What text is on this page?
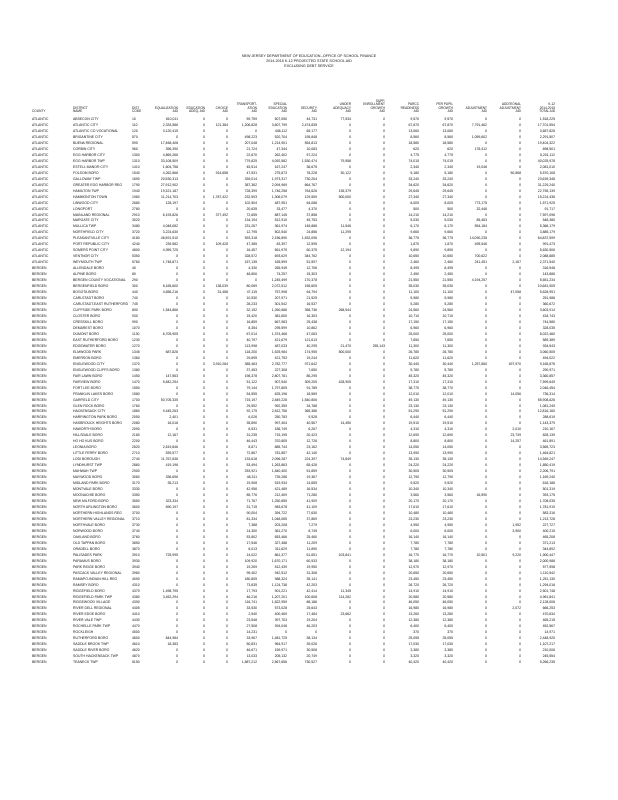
NEW JERSEY DEPARTMENT OF EDUCATION--OFFICE OF SCHOOL FINANCE
2014-2015 K-12 PROJECTED STATE SCHOOL AID
EXCLUDING DEBT SERVICE
COUNTY
DISTRICT
NAME
DIST
CODE
EQUALIZATION
AID
EDUCATION
ADEQ. AID
CHOICE
AID
TRANSPORT-
ATION
AID
SPECIAL
EDUCATION
AID
SECURITY
AID
UNDER
ADEQUACY
AID
SUPP.
ENROLLMENT
GROWTH
AID
PARCC
READINESS
AID
PER PUPIL
GROWTH
AID
ADJUSTMENT
AID
ADDITIONAL
ADJUSTMENT
AID
K-12
2014-2015
TOTAL AID
ATLANTIC	ABSECON CITY	10	810,011	0	0	59,759	507,050	44,731	77,534	0	9,570	9,570	0	0	1,518,225
ATLANTIC	ATLANTIC CITY	110	2,333,586	0	121,384	1,206,828	3,607,799	2,474,835	0	0	67,870	67,870	7,791,462	0	17,701,554
ATLANTIC	ATLANTIC CO VOCATIONAL	120	3,120,415	0	0	0	448,112	65,177	0	0	13,060	13,060	0	0	3,657,826
ATLANTIC	BRIGANTINE CITY	570	0	0	0	498,223	520,704	195,848	0	0	8,560	8,560	1,059,602	0	2,291,507
ATLANTIC	BUENA REGIONAL	590	17,468,408	0	0	207,048	1,214,901	554,813	0	0	18,580	18,580	0	0	19,404,322
ATLANTIC	CORBIN CITY	960	396,390	0	0	21,724	47,344	10,083	0	0	620	620	178,412	0	698,501
ATLANTIC	EGG HARBOR CITY	1300	4,869,266	0	0	22,670	262,402	57,224	0	0	4,775	4,775	0	0	5,201,112
ATLANTIC	EGG HARBOR TWP	1310	33,108,509	0	0	779,825	4,092,582	1,530,474	79,558	0	74,015	74,015	0	0	40,025,978
ATLANTIC	ESTELL MANOR CITY	1410	1,604,758	0	0	45,514	167,247	36,675	0	0	2,340	2,340	19,046	0	2,081,010
ATLANTIC	FOLSOM BORO	1540	4,262,868	0	914,658	47,531	275,873	78,228	30,122	0	5,180	5,180	0	50,568	5,570,108
ATLANTIC	GALLOWAY TWP	1690	20,530,313	0	0	339,014	1,973,317	730,204	0	0	33,240	33,240	0	0	23,639,348
ATLANTIC	GREATER EGG HARBOR REG	1790	27,912,902	0	0	387,362	2,094,969	664,767	0	0	34,620	34,620	0	0	31,229,240
ATLANTIC	HAMILTON TWP	1940	19,321,187	0	0	728,399	1,746,258	764,626	135,379	0	29,645	29,645	0	0	22,755,139
ATLANTIC	HAMMONTON TOWN	1960	11,214,703	0	1,787,422	232,593	1,306,079	129,559	500,000	0	27,340	27,340	0	0	15,224,436
ATLANTIC	LINWOOD CITY	2680	128,197	0	0	102,504	487,951	64,088	0	0	8,005	8,005	773,175	0	1,571,925
ATLANTIC	LONGPORT	2780	0	0	0	20,635	33,477	4,370	0	0	500	500	32,446	0	91,717
ATLANTIC	MAINLAND REGIONAL	2910	6,193,826	0	377,492	72,655	887,145	37,858	0	0	14,210	14,210	0	0	7,597,096
ATLANTIC	MARGATE CITY	3020	0	0	0	134,194	512,910	45,753	0	0	5,030	5,030	85,463	0	548,380
ATLANTIC	MULLICA TWP	3480	4,048,082	0	0	231,267	361,974	145,886	11,546	0	6,170	6,170	554,184	0	5,366,179
ATLANTIC	NORTHFIELD CITY	3720	3,224,630	0	0	12,795	502,540	24,856	11,295	0	9,660	9,660	0	0	3,885,179
ATLANTIC	PLEASANTVILLE CITY	4180	46,591,510	0	0	593,318	2,156,890	1,532,096	0	0	36,775	36,775	14,090,235	0	64,837,599
ATLANTIC	PORT REPUBLIC CITY	4240	239,582	0	109,428	47,385	83,397	12,595	0	0	1,870	1,870	495,546	0	991,473
ATLANTIC	SOMERS POINT CITY	4800	4,959,725	0	0	16,457	561,975	60,375	12,194	0	9,890	9,890	0	0	5,630,506
ATLANTIC	VENTNOR CITY	5350	0	0	0	328,572	693,629	344,762	0	0	10,650	10,650	700,622	0	2,088,885
ATLANTIC	WEYMOUTH TWP	5760	1,748,871	0	0	157,135	165,599	51,597	0	0	2,460	2,460	241,451	2,167	2,371,540
BERGEN	ALLENDALE BORO	40	0	0	0	4,330	265,945	12,706	0	0	8,495	8,495	0	0	316,548
BERGEN	ALPINE BORO	80	0	0	0	48,806	74,257	15,303	0	0	2,450	2,450	0	0	143,886
BERGEN	BERGEN COUNTY VOCATIONAL	290	0	0	0	0	1,245,499	170,378	0	0	21,550	21,550	4,194,257	0	5,651,234
BERGEN	BERGENFIELD BORO	300	8,165,600	0	138,039	80,089	2,072,512	155,605	0	0	35,030	35,030	0	0	10,681,905
BERGEN	BOGOTA BORO	440	4,656,216	0	31,458	47,115	757,998	64,794	0	0	11,100	11,100	0	47,058	5,628,951
BERGEN	CARLSTADT BORO	740	0	0	0	10,530	207,971	21,525	0	0	5,980	5,980	0	0	251,986
BERGEN	CARLSTADT-EAST RUTHERFORD	745	0	0	0	28,233	301,542	16,537	0	0	5,280	5,280	0	0	360,672
BERGEN	CLIFFSIDE PARK BORO	890	1,544,866	0	0	32,152	1,260,686	358,736	268,544	0	24,560	24,560	0	0	3,603,914
BERGEN	CLOSTER BORO	930	0	0	0	15,420	381,600	16,303	0	0	10,710	10,710	0	0	434,743
BERGEN	CRESSKILL BORO	990	0	0	0	16,859	667,983	25,438	0	0	17,150	17,150	0	0	744,580
BERGEN	DEMAREST BORO	1070	0	0	0	8,354	295,599	10,862	0	0	6,960	6,960	0	0	328,035
BERGEN	DUMONT BORO	1130	6,705,905	0	0	67,014	1,374,468	47,063	0	0	25,000	25,000	0	0	8,022,460
BERGEN	EAST RUTHERFORD BORO	1230	0	0	0	40,797	421,679	121,613	0	0	7,650	7,650	0	0	589,389
BERGEN	EDGEWATER BORO	1270	0	0	0	113,998	487,033	40,295	21,470	255,143	11,300	11,300	0	0	934,543
BERGEN	ELMWOOD PARK	1345	687,826	0	0	118,200	1,525,984	174,955	500,000	0	26,780	26,780	0	0	3,060,505
BERGEN	EMERSON BORO	1360	0	0	0	29,895	421,753	19,244	0	0	11,620	11,620	0	0	494,022
BERGEN	ENGLEWOOD CITY	1370	0	0	3,910,284	385,463	2,782,777	971,642	0	0	30,440	30,440	1,257,860	497,970	9,165,876
BERGEN	ENGLEWOOD CLIFFS BORO	1380	0	0	0	37,453	227,308	7,650	0	0	5,780	5,780	0	0	290,971
BERGEN	FAIR LAWN BORO	1450	147,563	0	0	198,378	2,807,781	86,295	0	0	45,320	45,320	0	0	3,360,857
BERGEN	FAIRVIEW BORO	1470	5,842,254	0	0	51,122	907,540	309,205	428,905	0	17,310	17,310	0	0	7,599,649
BERGEN	FORT LEE BORO	1550	0	0	0	79,144	1,797,805	91,785	0	0	38,770	38,770	0	0	2,046,454
BERGEN	FRANKLIN LAKES BORO	1580	0	0	0	54,555	625,196	18,589	0	0	12,010	12,010	0	14,056	736,314
BERGEN	GARFIELD CITY	1700	50,705,335	0	0	715,197	2,849,228	1,540,806	0	0	49,130	49,130	0	0	55,908,626
BERGEN	GLEN ROCK BORO	1760	0	0	0	29,552	992,359	34,788	0	0	23,130	23,130	0	0	1,081,249
BERGEN	HACKENSACK CITY	1860	9,445,263	0	0	92,175	2,812,756	365,386	0	0	51,290	51,290	0	0	12,816,160
BERGEN	HARRINGTON PARK BORO	2050	2,401	0	0	6,026	250,783	9,528	0	0	6,440	6,440	0	0	288,619
BERGEN	HASBROUCK HEIGHTS BORO	2080	16,018	0	0	35,890	997,404	40,567	14,450	0	19,510	19,510	0	0	1,143,379
BERGEN	HAWORTH BORO	2090	0	0	0	6,531	186,749	6,267	0	0	4,310	4,310	0	2,010	210,167
BERGEN	HILLSDALE BORO	2180	12,167	0	0	31,235	715,195	20,423	0	0	12,690	12,690	0	23,739	828,139
BERGEN	HO HO KUS BORO	2200	0	0	0	46,443	370,805	12,726	0	0	8,800	8,800	0	14,257	461,891
BERGEN	LEONIA BORO	2620	2,619,846	0	0	8,871	885,744	23,162	0	0	14,050	14,050	0	0	3,565,723
BERGEN	LITTLE FERRY BORO	2710	539,577	0	0	72,867	781,857	42,140	0	0	13,990	13,990	0	0	1,464,821
BERGEN	LODI BOROUGH	2740	11,767,636	0	0	133,618	2,096,287	224,397	74,849	0	35,130	35,130	0	0	14,369,247
BERGEN	LYNDHURST TWP	2860	419,196	0	0	53,494	1,263,863	65,426	0	0	24,220	24,220	0	0	1,850,419
BERGEN	MAHWAH TWP	2900	0	0	0	253,921	1,840,400	51,859	0	0	30,505	30,505	0	0	2,206,791
BERGEN	MAYWOOD BORO	3060	336,696	0	0	48,311	739,286	19,367	0	0	12,790	12,790	0	0	1,169,240
BERGEN	MIDLAND PARK BORO	3170	35,213	0	0	19,908	519,934	14,655	0	0	9,520	9,520	0	0	618,186
BERGEN	MONTVALE BORO	3330	0	0	0	42,956	421,489	16,534	0	0	10,340	10,340	0	0	501,319
BERGEN	MOONACHIE BORO	3350	0	0	0	85,776	212,409	71,280	0	0	3,560	3,560	16,590	0	393,175
BERGEN	NEW MILFORD BORO	3550	323,334	0	0	71,767	1,250,855	41,909	0	0	20,170	20,170	0	0	1,708,035
BERGEN	NORTH ARLINGTON BORO	3600	690,197	0	0	31,715	983,678	41,109	0	0	17,610	17,610	0	0	1,781,919
BERGEN	NORTHERN HIGHLANDS REG	3700	0	0	0	90,004	394,722	77,630	0	0	10,480	10,480	0	0	583,316
BERGEN	NORTHERN VALLEY REGIONAL	3710	0	0	0	81,334	1,048,065	37,869	0	0	23,230	23,230	0	0	1,213,728
BERGEN	NORTHVALE BORO	3730	0	0	0	7,388	203,208	7,279	0	0	4,950	4,950	0	1,952	227,727
BERGEN	NORWOOD BORO	3740	0	0	0	14,300	361,270	8,745	0	0	6,000	6,000	0	3,900	400,215
BERGEN	OAKLAND BORO	3760	0	0	0	53,802	653,466	25,460	0	0	16,140	16,140	0	0	465,208
BERGEN	OLD TAPPAN BORO	3850	0	0	0	17,546	327,488	11,209	0	0	7,780	7,780	0	0	371,213
BERGEN	ORADELL BORO	3870	0	0	0	6,013	311,629	11,890	0	0	7,780	7,780	0	0	344,892
BERGEN	PALISADES PARK	3910	725,995	0	0	14,022	861,377	61,651	103,841	0	16,770	16,770	10,501	9,220	1,900,447
BERGEN	PARAMUS BORO	3930	0	0	0	109,920	1,670,171	60,533	0	0	38,180	38,180	0	0	2,000,986
BERGEN	PARK RIDGE BORO	3940	0	0	0	19,269	512,439	19,950	0	0	12,970	12,970	0	0	577,598
BERGEN	PASCACK VALLEY REGIONAL	3960	0	0	0	95,402	942,512	31,308	0	0	20,650	20,650	0	0	1,110,542
BERGEN	RAMAPO-INDIAN HILL REG	4090	0	0	0	180,805	988,324	35,141	0	0	23,450	23,450	0	0	1,251,130
BERGEN	RAMSEY BORO	4310	0	0	0	73,635	1,124,738	42,203	0	0	26,720	26,720	0	0	1,294,016
BERGEN	RIDGEFIELD BORO	4370	1,498,795	0	0	17,793	901,221	42,414	11,345	0	14,910	14,910	0	0	2,501,748
BERGEN	RIDGEFIELD PARK TWP	4380	3,452,294	0	0	46,216	1,207,201	100,608	114,282	0	20,580	20,580	0	0	4,961,841
BERGEN	RIDGEWOOD VILLAGE	4390	0	0	0	116,741	1,822,959	86,186	0	0	46,050	46,050	0	0	2,128,006
BERGEN	RIVER DELL REGIONAL	4405	0	0	0	33,530	573,028	25,643	0	0	16,980	16,980	0	2,072	666,253
BERGEN	RIVER EDGE BORO	4410	0	0	0	2,540	400,469	17,484	23,662	0	13,260	13,260	0	0	470,634
BERGEN	RIVER VALE TWP	4430	0	0	0	23,548	397,703	19,204	0	0	12,380	12,380	0	0	465,215
BERGEN	ROCHELLE PARK TWP	4470	0	0	0	27,508	394,046	46,203	0	0	6,400	6,400	0	0	452,567
BERGEN	ROCKLEIGH	4500	0	0	0	14,231	0	0	0	0	370	370	0	0	14,971
BERGEN	RUTHERFORD BORO	4600	844,984	0	0	33,967	1,481,725	38,134	0	0	25,055	25,055	0	0	2,448,920
BERGEN	SADDLE BROOK TWP	4610	18,383	0	0	50,831	964,917	39,026	0	0	17,030	17,030	0	0	1,107,217
BERGEN	SADDLE RIVER BORO	4620	0	0	0	46,671	159,971	30,508	0	0	3,380	3,380	0	0	210,006
BERGEN	SOUTH HACKENSACK TWP	4870	0	0	0	13,033	205,132	20,749	0	0	3,320	3,320	0	0	245,554
BERGEN	TEANECK TWP	5150	0	0	0	1,887,212	2,567,656	730,527	0	0	40,420	40,420	0	0	5,266,235
